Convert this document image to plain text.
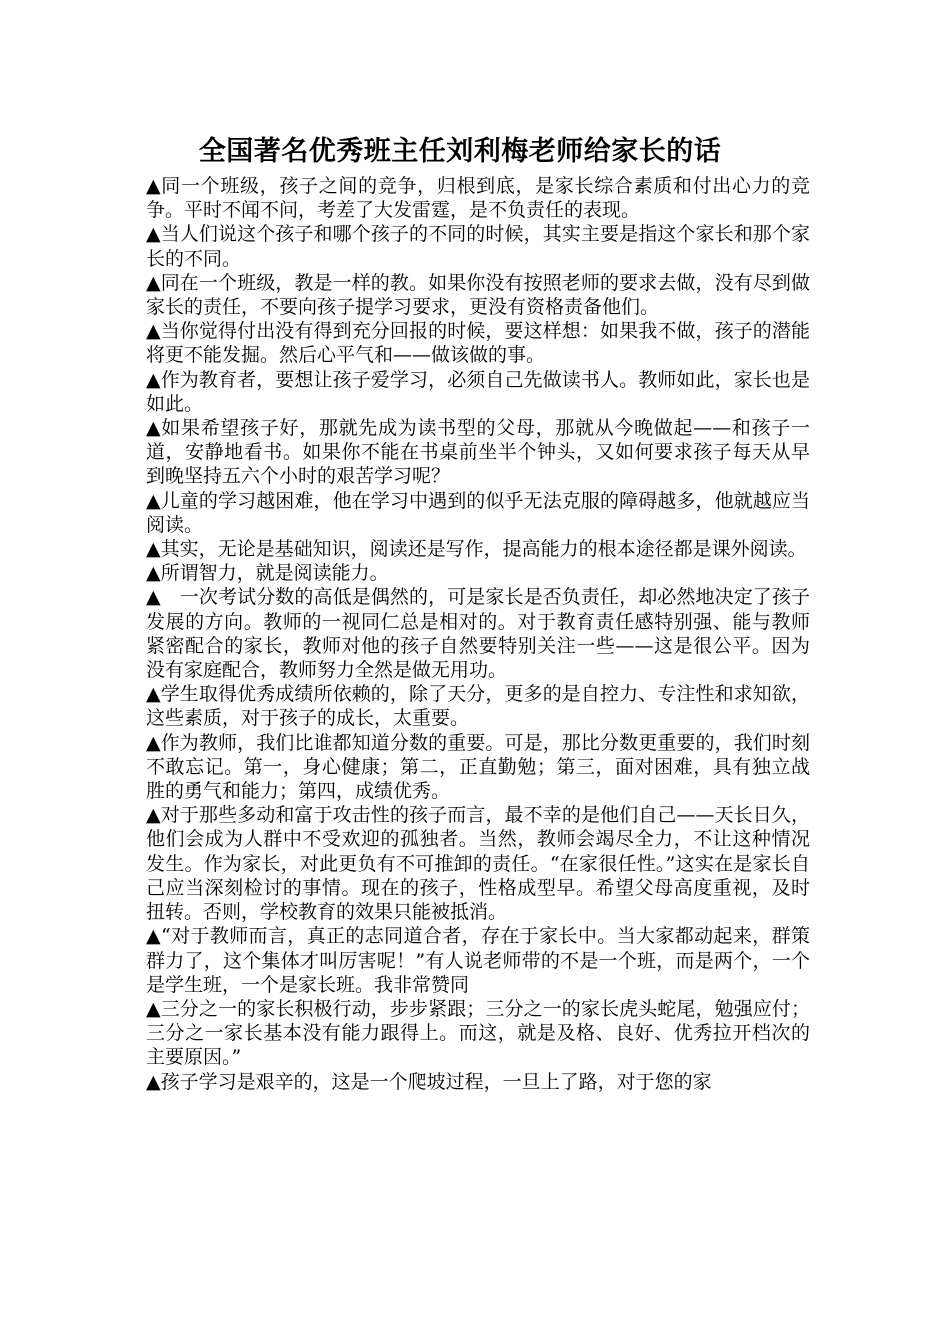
全国著名优秀班主任刘利梅老师给家长的话

▲同一个班级，孩子之间的竞争，归根到底，是家长综合素质和付出心力的竞争。平时不闻不问，考差了大发雷霆，是不负责任的表现。

▲当人们说这个孩子和哪个孩子的不同的时候，其实主要是指这个家长和那个家长的不同。

▲同在一个班级，教是一样的教。如果你没有按照老师的要求去做，没有尽到做家长的责任，不要向孩子提学习要求，更没有资格责备他们。

▲当你觉得付出没有得到充分回报的时候，要这样想：如果我不做，孩子的潜能将更不能发掘。然后心平气和——做该做的事。

▲作为教育者，要想让孩子爱学习，必须自己先做读书人。教师如此，家长也是如此。

▲如果希望孩子好，那就先成为读书型的父母，那就从今晚做起——和孩子一道，安静地看书。如果你不能在书桌前坐半个钟头，又如何要求孩子每天从早到晚坚持五六个小时的艰苦学习呢？

▲儿童的学习越困难，他在学习中遇到的似乎无法克服的障碍越多，他就越应当阅读。

▲其实，无论是基础知识，阅读还是写作，提高能力的根本途径都是课外阅读。

▲所谓智力，就是阅读能力。

▲　一次考试分数的高低是偶然的，可是家长是否负责任，却必然地决定了孩子发展的方向。教师的一视同仁总是相对的。对于教育责任感特别强、能与教师紧密配合的家长，教师对他的孩子自然要特别关注一些——这是很公平。因为没有家庭配合，教师努力全然是做无用功。

▲学生取得优秀成绩所依赖的，除了天分，更多的是自控力、专注性和求知欲，这些素质，对于孩子的成长，太重要。

▲作为教师，我们比谁都知道分数的重要。可是，那比分数更重要的，我们时刻不敢忘记。第一，身心健康；第二，正直勤勉；第三，面对困难，具有独立战胜的勇气和能力；第四，成绩优秀。

▲对于那些多动和富于攻击性的孩子而言，最不幸的是他们自己——天长日久，他们会成为人群中不受欢迎的孤独者。当然，教师会竭尽全力，不让这种情况发生。作为家长，对此更负有不可推卸的责任。“在家很任性。”这实在是家长自己应当深刻检讨的事情。现在的孩子，性格成型早。希望父母高度重视，及时扭转。否则，学校教育的效果只能被抵消。

▲“对于教师而言，真正的志同道合者，存在于家长中。当大家都动起来，群策群力了，这个集体才叫厉害呢！”有人说老师带的不是一个班，而是两个，一个是学生班，一个是家长班。我非常赞同

▲三分之一的家长积极行动，步步紧跟；三分之一的家长虎头蛇尾，勉强应付；三分之一家长基本没有能力跟得上。而这，就是及格、良好、优秀拉开档次的主要原因。”

▲孩子学习是艰辛的，这是一个爬坡过程，一旦上了路，对于您的家
